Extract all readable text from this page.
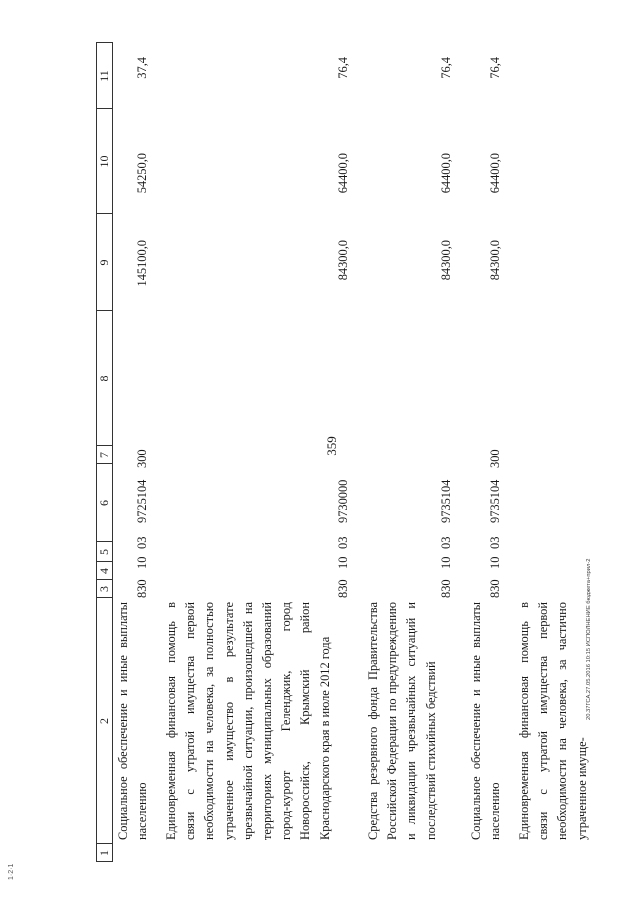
359
1
2
3
4
5
6
7
8
9
10
11
Социальное обеспечение и иные выплаты населению
830
10
03
9725104
300
145100,0
54250,0
37,4
Единовременная финансовая помощь в связи с утратой имущества первой необходимости на человека, за полностью утраченное имущество в результате чрезвычайной ситуации, произошедшей на территориях муниципальных образований город-курорт Геленджик, город Новороссийск, Крымский район Краснодарского края в июле 2012 года
830
10
03
9730000
84300,0
64400,0
76,4
Средства резервного фонда Правительства Российской Федерации по предупреждению и ликвидации чрезвычайных ситуаций и последствий стихийных бедствий
830
10
03
9735104
84300,0
64400,0
76,4
Социальное обеспечение и иные выплаты населению
830
10
03
9735104
300
84300,0
64400,0
76,4
Единовременная финансовая помощь в связи с утратой имущества первой необходимости на человека, за частично утраченное имуще-
20.37ГСА.27.05.2016 10:15 ИСПОЛНЕНИЕ бюджета+прил-2
1·2·1
